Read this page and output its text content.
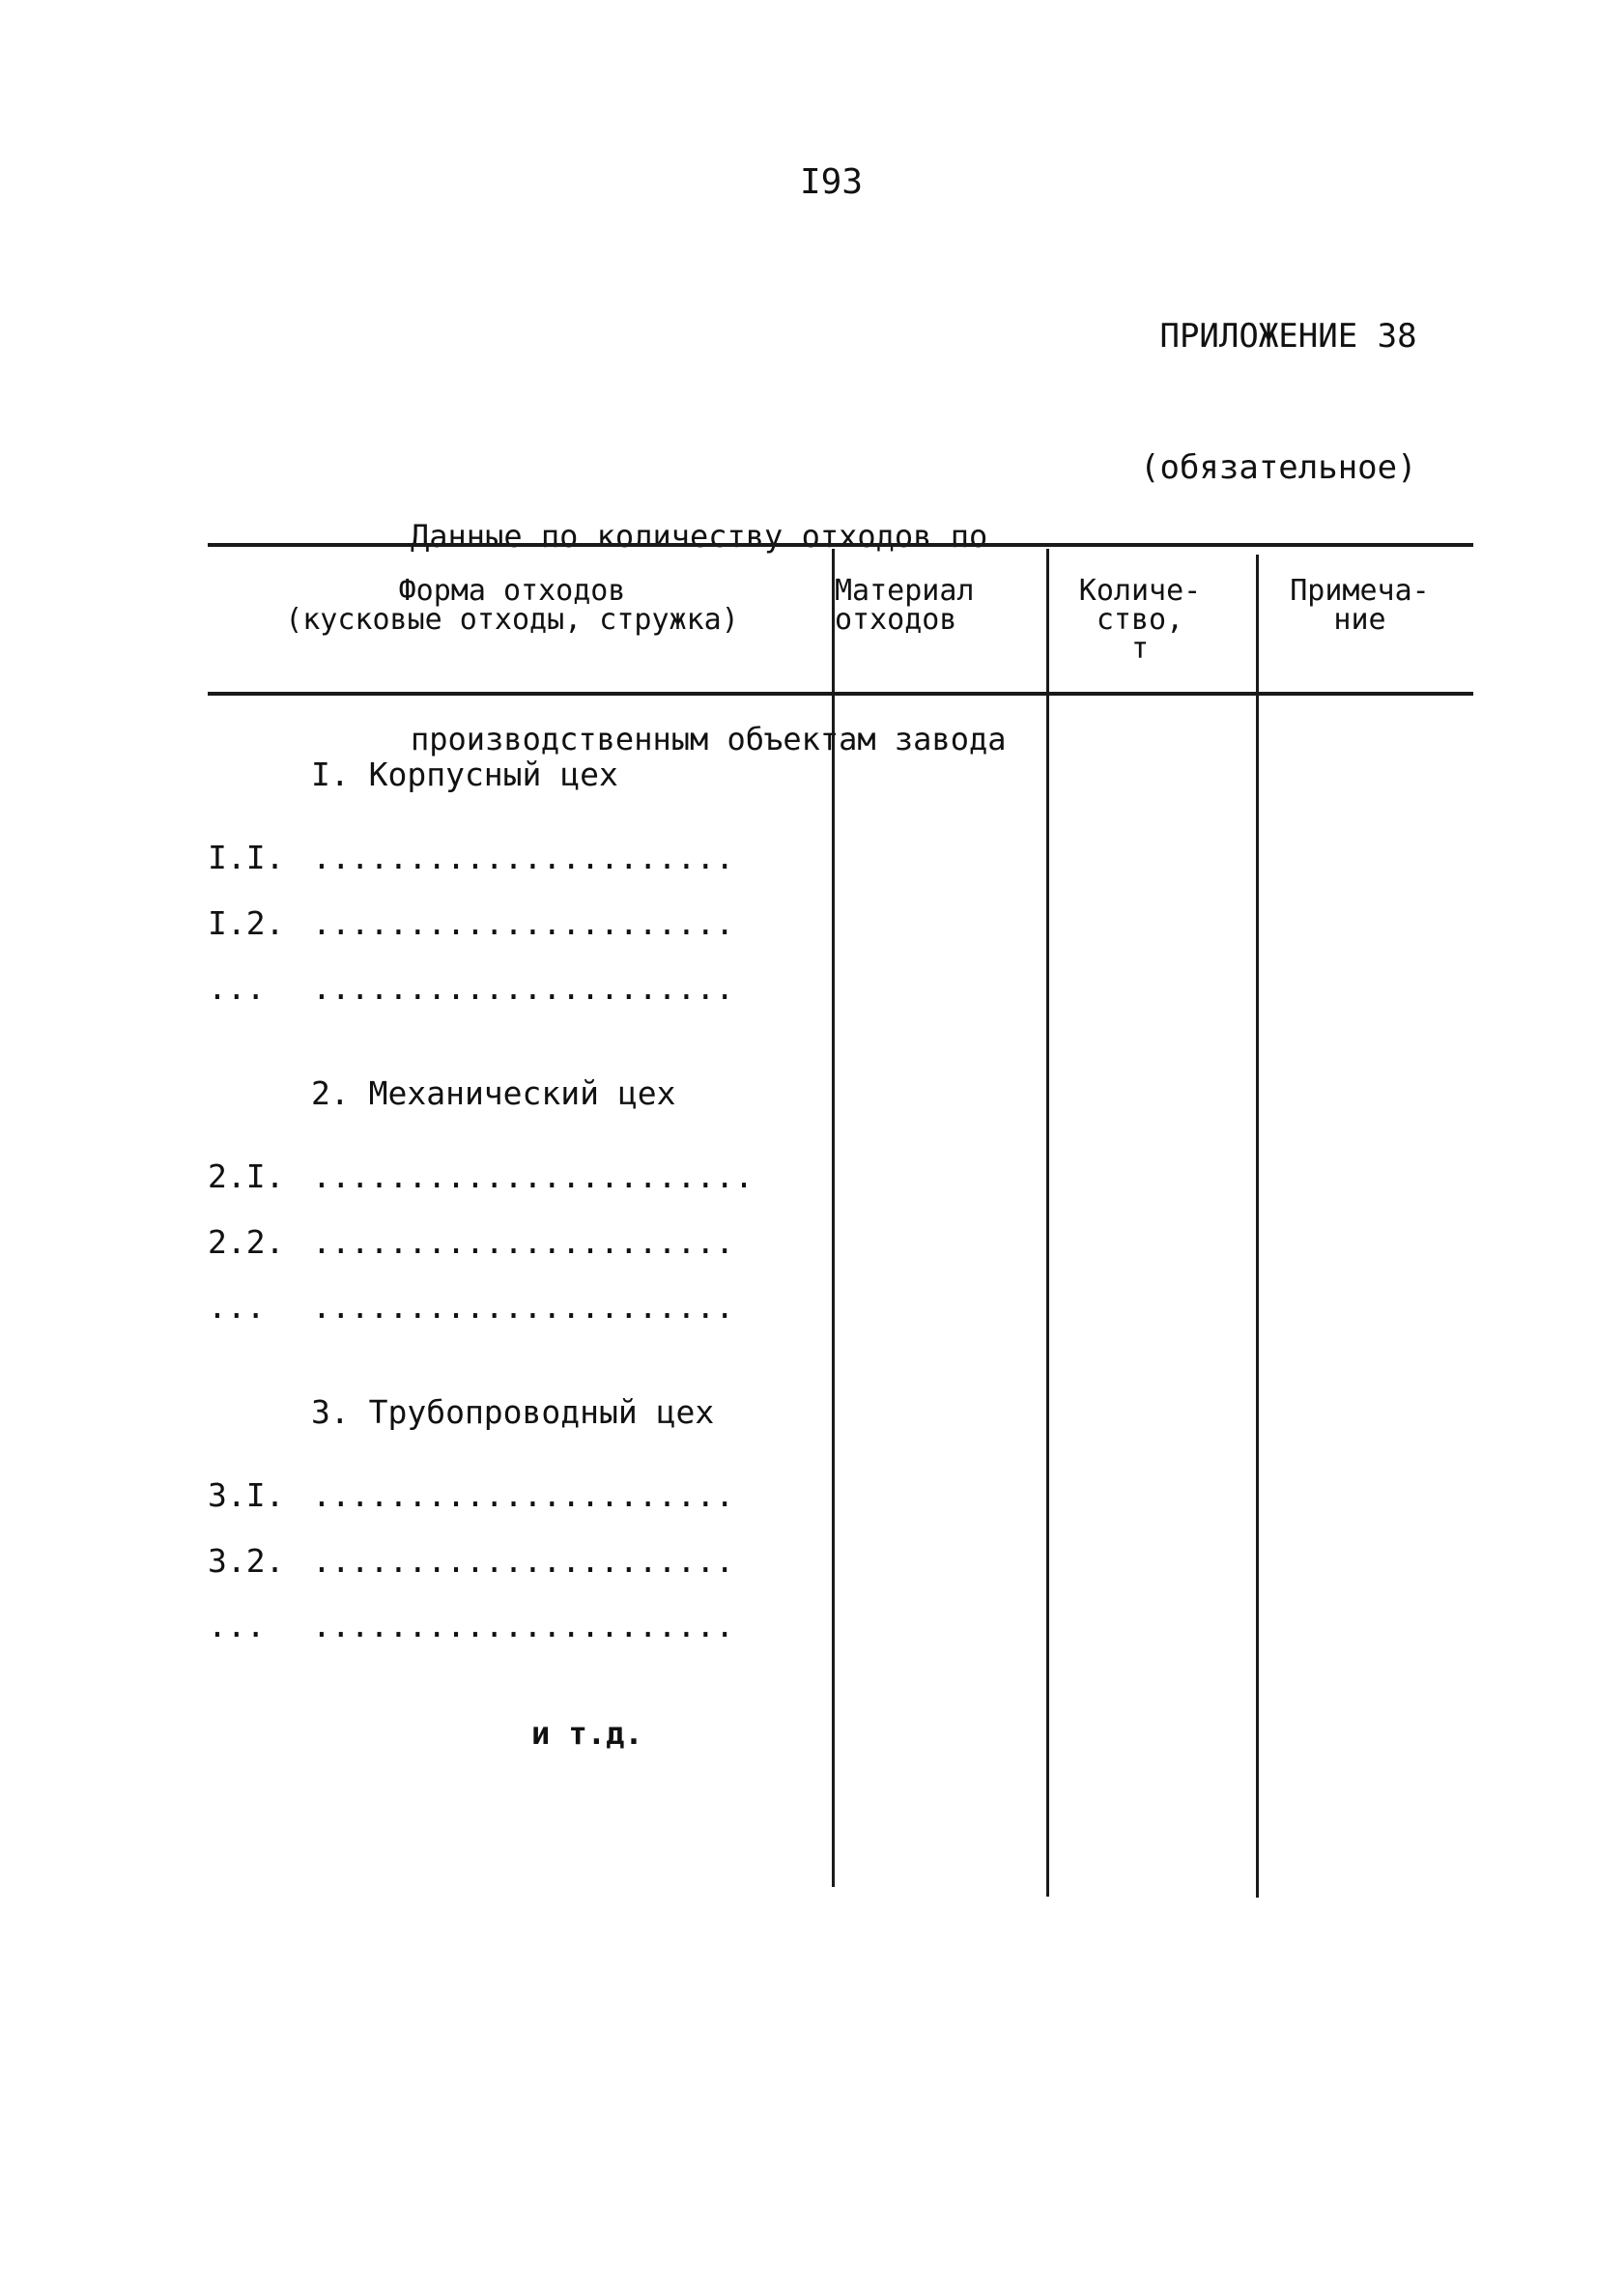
I93

ПРИЛОЖЕНИЕ 38

(обязательное)

Данные по количеству отходов по

производственным объектам завода

Форма отходов
(кусковые отходы, стружка)
Материал
отходов
Количе-
ство,
т
Примеча-
ние
I. Корпусный цех
I.I. ......................
I.2. ......................
... ......................
2. Механический цех
2.I. .......................
2.2. ......................
... ......................
3. Трубопроводный цех
3.I. ......................
3.2. ......................
... ......................
и т.д.
